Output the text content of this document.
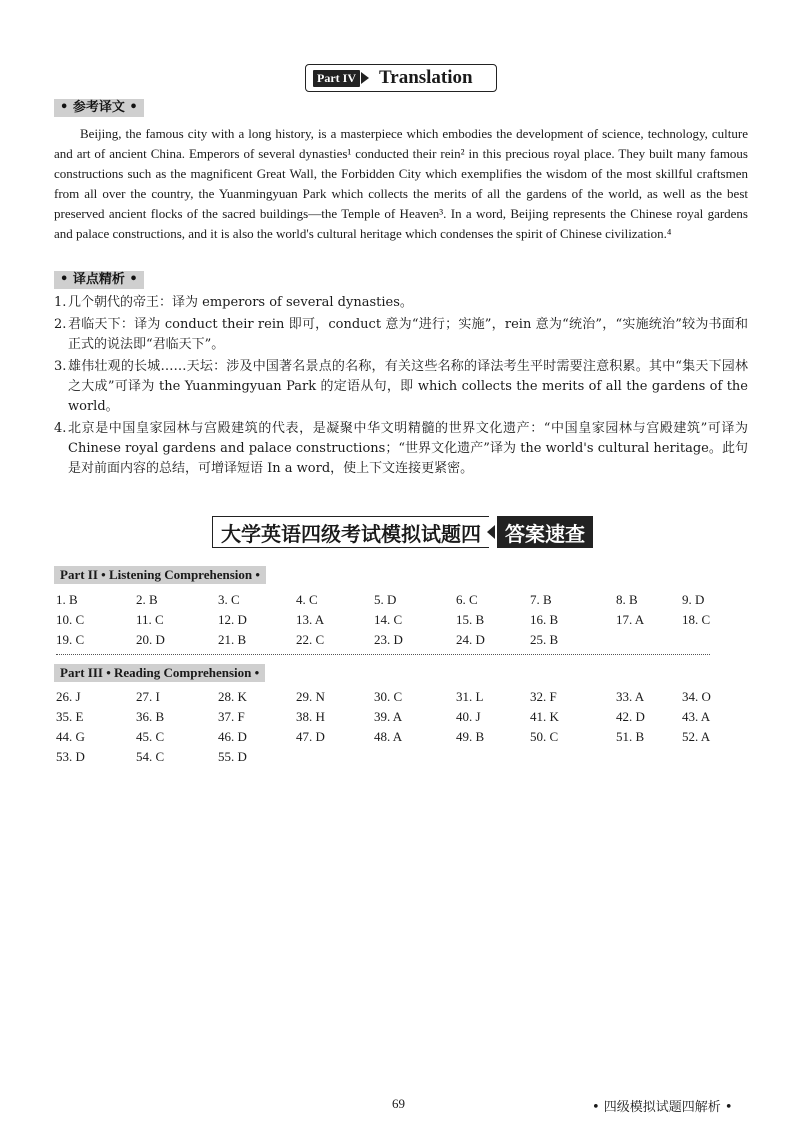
Part IV Translation
• 参考译文 •

Beijing, the famous city with a long history, is a masterpiece which embodies the development of science, technology, culture and art of ancient China. Emperors of several dynasties¹ conducted their rein² in this precious royal place. They built many famous constructions such as the magnificent Great Wall, the Forbidden City which exemplifies the wisdom of the most skillful craftsmen from all over the country, the Yuanmingyuan Park which collects the merits of all the gardens of the world, as well as the best preserved ancient flocks of the sacred buildings—the Temple of Heaven³. In a word, Beijing represents the Chinese royal gardens and palace constructions, and it is also the world's cultural heritage which condenses the spirit of Chinese civilization.⁴

• 译点精析 •
1. 几个朝代的帝王：译为 emperors of several dynasties。
2. 君临天下：译为 conduct their rein 即可，conduct 意为“进行；实施”，rein 意为“统治”，“实施统治”较为书面和正式的说法即“君临天下”。
3. 雄伟壮观的长城……天坛：涉及中国著名景点的名称，有关这些名称的译法考生平时需要注意积累。其中“集天下园林之大成”可译为 the Yuanmingyuan Park 的定语从句，即 which collects the merits of all the gardens of the world。
4. 北京是中国皇家园林与宫殿建筑的代表，是凝聚中华文明精髓的世界文化遗产：“中国皇家园林与宫殿建筑”可译为 Chinese royal gardens and palace constructions；“世界文化遗产”译为 the world's cultural heritage。此句是对前面内容的总结，可增译短语 In a word，使上下文连接更紧密。
大学英语四级考试模拟试题四	答案速查
Part II • Listening Comprehension •
1. B	2. B	3. C	4. C	5. D	6. C	7. B	8. B	9. D
10. C	11. C	12. D	13. A	14. C	15. B	16. B	17. A	18. C
19. C	20. D	21. B	22. C	23. D	24. D	25. B
Part III • Reading Comprehension •
26. J	27. I	28. K	29. N	30. C	31. L	32. F	33. A	34. O
35. E	36. B	37. F	38. H	39. A	40. J	41. K	42. D	43. A
44. G	45. C	46. D	47. D	48. A	49. B	50. C	51. B	52. A
53. D	54. C	55. D
69	• 四级模拟试题四解析 •
